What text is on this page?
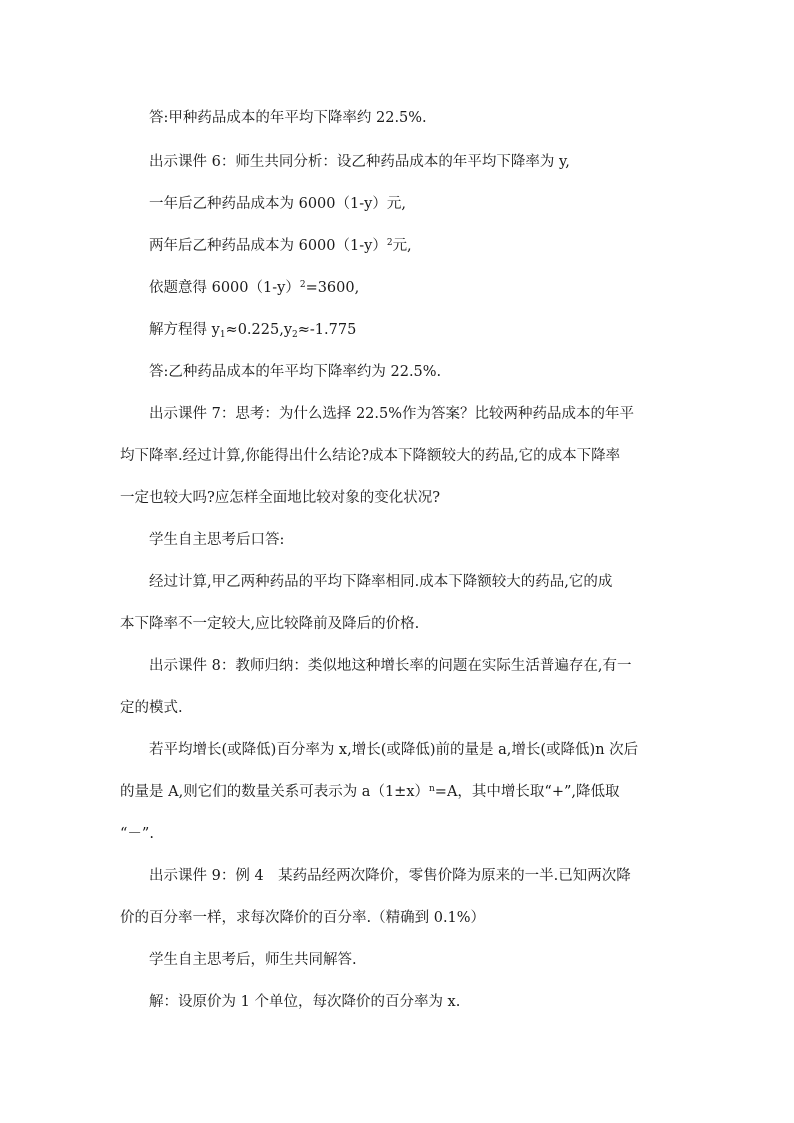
答:甲种药品成本的年平均下降率约 22.5%.
出示课件 6：师生共同分析：设乙种药品成本的年平均下降率为 y,
一年后乙种药品成本为 6000（1-y）元,
两年后乙种药品成本为 $6000(1-y)^2$元,
依题意得 $6000(1-y)^2=3600$,
解方程得 $y_1\approx 0.225,y_2\approx-1.775$
答:乙种药品成本的年平均下降率约为 22.5%.
出示课件 7：思考：为什么选择 22.5%作为答案？比较两种药品成本的年平
均下降率.经过计算,你能得出什么结论?成本下降额较大的药品,它的成本下降率
一定也较大吗?应怎样全面地比较对象的变化状况?
学生自主思考后口答:
经过计算,甲乙两种药品的平均下降率相同.成本下降额较大的药品,它的成
本下降率不一定较大,应比较降前及降后的价格.
出示课件 8：教师归纳：类似地这种增长率的问题在实际生活普遍存在,有一
定的模式.
若平均增长(或降低)百分率为 x,增长(或降低)前的量是 a,增长(或降低)n 次后
的量是 A,则它们的数量关系可表示为 $a(1\pm x)^n=A$，其中增长取“+”,降低取
“－”.
出示课件 9：例 4　某药品经两次降价，零售价降为原来的一半.已知两次降
价的百分率一样，求每次降价的百分率.（精确到 0.1%）
学生自主思考后，师生共同解答.
解：设原价为 1 个单位，每次降价的百分率为 x.
